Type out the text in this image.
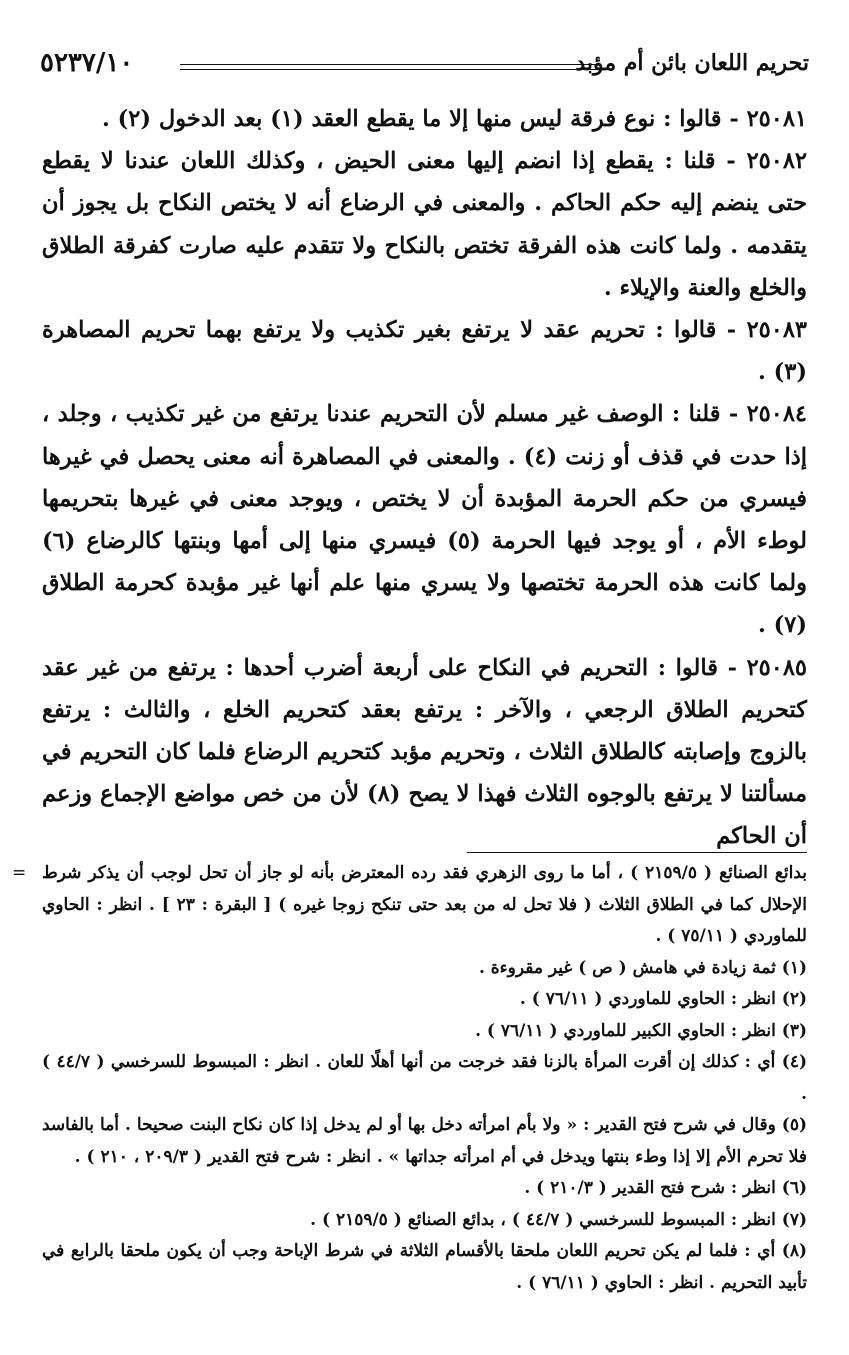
تحريم اللعان بائن أم مؤبد
٥٢٣٧/١٠

٢٥٠٨١ - قالوا : نوع فرقة ليس منها إلا ما يقطع العقد (١) بعد الدخول (٢) .

٢٥٠٨٢ - قلنا : يقطع إذا انضم إليها معنى الحيض ، وكذلك اللعان عندنا لا يقطع حتى ينضم إليه حكم الحاكم . والمعنى في الرضاع أنه لا يختص النكاح بل يجوز أن يتقدمه . ولما كانت هذه الفرقة تختص بالنكاح ولا تتقدم عليه صارت كفرقة الطلاق والخلع والعنة والإيلاء .

٢٥٠٨٣ - قالوا : تحريم عقد لا يرتفع بغير تكذيب ولا يرتفع بهما تحريم المصاهرة (٣) .

٢٥٠٨٤ - قلنا : الوصف غير مسلم لأن التحريم عندنا يرتفع من غير تكذيب ، وجلد ، إذا حدت في قذف أو زنت (٤) . والمعنى في المصاهرة أنه معنى يحصل في غيرها فيسري من حكم الحرمة المؤبدة أن لا يختص ، ويوجد معنى في غيرها بتحريمها لوطء الأم ، أو يوجد فيها الحرمة (٥) فيسري منها إلى أمها وبنتها كالرضاع (٦) ولما كانت هذه الحرمة تختصها ولا يسري منها علم أنها غير مؤبدة كحرمة الطلاق (٧) .

٢٥٠٨٥ - قالوا : التحريم في النكاح على أربعة أضرب أحدها : يرتفع من غير عقد كتحريم الطلاق الرجعي ، والآخر : يرتفع بعقد كتحريم الخلع ، والثالث : يرتفع بالزوج وإصابته كالطلاق الثلاث ، وتحريم مؤبد كتحريم الرضاع فلما كان التحريم في مسألتنا لا يرتفع بالوجوه الثلاث فهذا لا يصح (٨) لأن من خص مواضع الإجماع وزعم أن الحاكم

= بدائع الصنائع ( ٢١٥٩/٥ ) ، أما ما روى الزهري فقد رده المعترض بأنه لو جاز أن تحل لوجب أن يذكر شرط الإحلال كما في الطلاق الثلاث ( فلا تحل له من بعد حتى تنكح زوجا غيره ) [ البقرة : ٢٣ ] . انظر : الحاوي للماوردي ( ٧٥/١١ ) .

(١) ثمة زيادة في هامش ( ص ) غير مقروءة .

(٢) انظر : الحاوي للماوردي ( ٧٦/١١ ) .

(٣) انظر : الحاوي الكبير للماوردي ( ٧٦/١١ ) .

(٤) أي : كذلك إن أقرت المرأة بالزنا فقد خرجت من أنها أهلًا للعان . انظر : المبسوط للسرخسي ( ٤٤/٧ ) .

(٥) وقال في شرح فتح القدير : « ولا بأم امرأته دخل بها أو لم يدخل إذا كان نكاح البنت صحيحا . أما بالفاسد فلا تحرم الأم إلا إذا وطء بنتها ويدخل في أم امرأته جداتها » . انظر : شرح فتح القدير ( ٢٠٩/٣ ، ٢١٠ ) .

(٦) انظر : شرح فتح القدير ( ٢١٠/٣ ) .

(٧) انظر : المبسوط للسرخسي ( ٤٤/٧ ) ، بدائع الصنائع ( ٢١٥٩/٥ ) .

(٨) أي : فلما لم يكن تحريم اللعان ملحقا بالأقسام الثلاثة في شرط الإباحة وجب أن يكون ملحقا بالرابع في تأبيد التحريم . انظر : الحاوي ( ٧٦/١١ ) .
